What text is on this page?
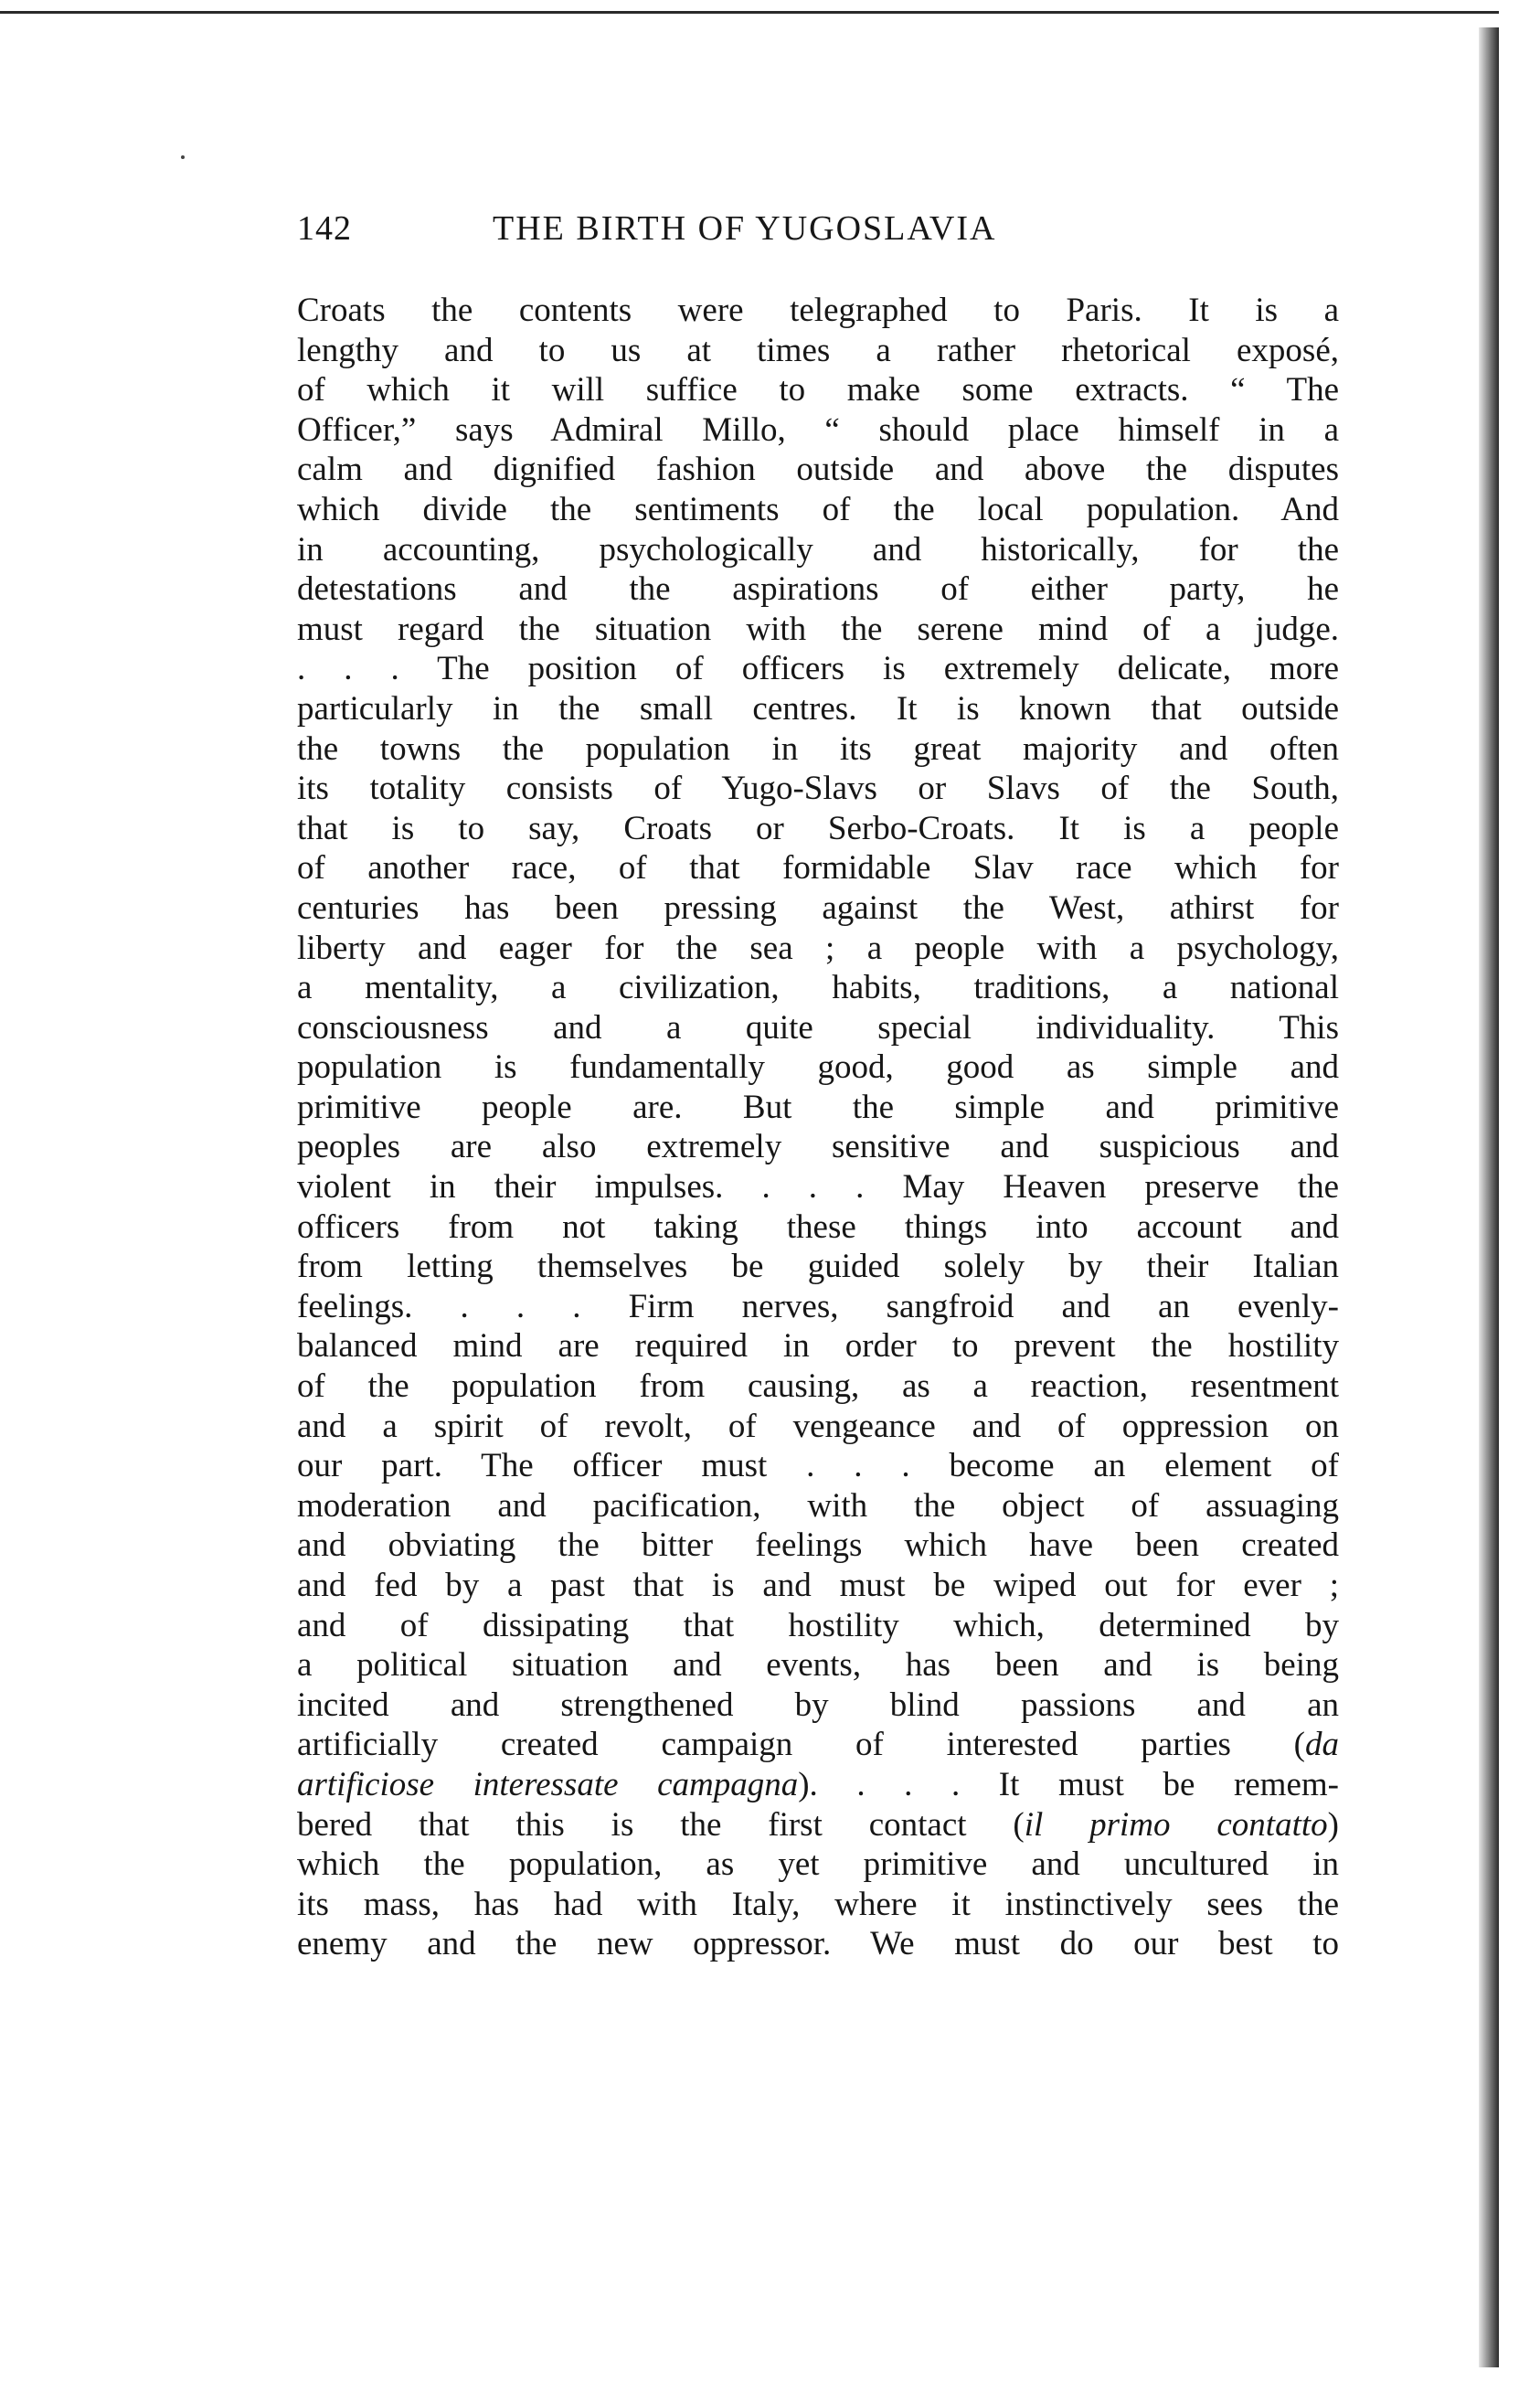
142	THE BIRTH OF YUGOSLAVIA
Croats the contents were telegraphed to Paris. It is a
lengthy and to us at times a rather rhetorical exposé,
of which it will suffice to make some extracts. “ The
Officer,” says Admiral Millo, “ should place himself in a
calm and dignified fashion outside and above the disputes
which divide the sentiments of the local population. And
in accounting, psychologically and historically, for the
detestations and the aspirations of either party, he
must regard the situation with the serene mind of a judge.
. . . The position of officers is extremely delicate, more
particularly in the small centres. It is known that outside
the towns the population in its great majority and often
its totality consists of Yugo-Slavs or Slavs of the South,
that is to say, Croats or Serbo-Croats. It is a people
of another race, of that formidable Slav race which for
centuries has been pressing against the West, athirst for
liberty and eager for the sea ; a people with a psychology,
a mentality, a civilization, habits, traditions, a national
consciousness and a quite special individuality. This
population is fundamentally good, good as simple and
primitive people are. But the simple and primitive
peoples are also extremely sensitive and suspicious and
violent in their impulses. . . . May Heaven preserve the
officers from not taking these things into account and
from letting themselves be guided solely by their Italian
feelings. . . . Firm nerves, sangfroid and an evenly-
balanced mind are required in order to prevent the hostility
of the population from causing, as a reaction, resentment
and a spirit of revolt, of vengeance and of oppression on
our part. The officer must . . . become an element of
moderation and pacification, with the object of assuaging
and obviating the bitter feelings which have been created
and fed by a past that is and must be wiped out for ever ;
and of dissipating that hostility which, determined by
a political situation and events, has been and is being
incited and strengthened by blind passions and an
artificially created campaign of interested parties (da
artificiose interessate campagna). . . . It must be remem-
bered that this is the first contact (il primo contatto)
which the population, as yet primitive and uncultured in
its mass, has had with Italy, where it instinctively sees the
enemy and the new oppressor. We must do our best to
